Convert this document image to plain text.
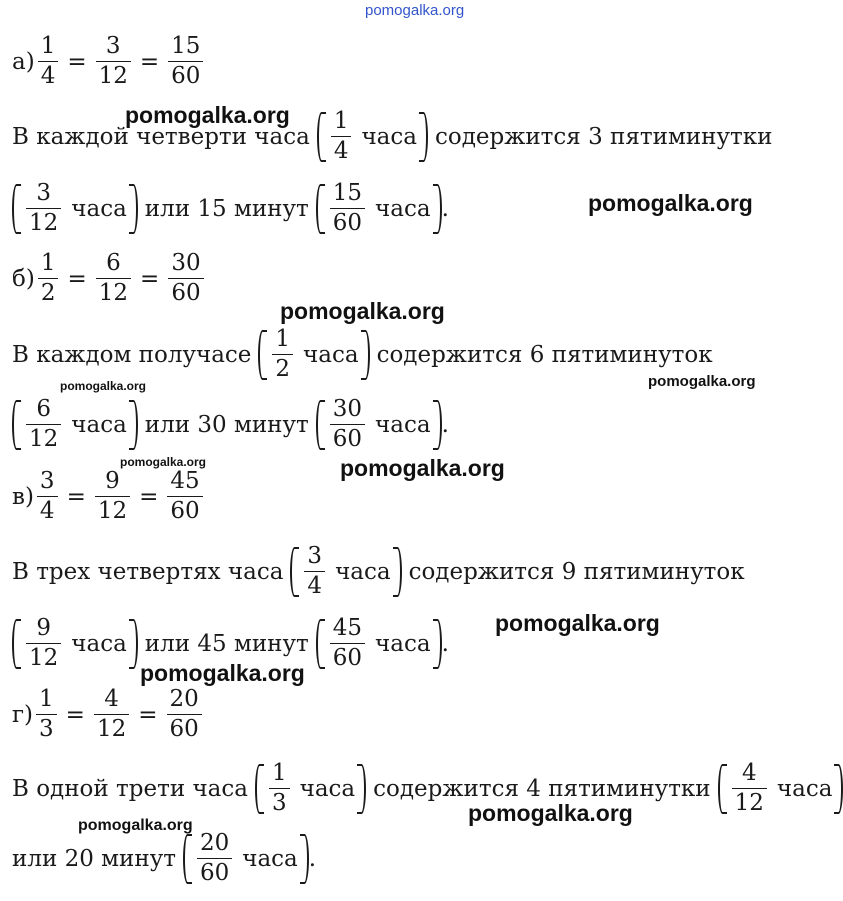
pomogalka.org
$а) \frac{1}{4} = \frac{3}{12} = \frac{15}{60}$
В каждой четверти часа $\frac{1}{4}$ часа содержится 3 пятиминутки
$\frac{3}{12}$ часа или 15 минут $\frac{15}{60}$ часа .
$б) \frac{1}{2} = \frac{6}{12} = \frac{30}{60}$
В каждом получасе $\frac{1}{2}$ часа содержится 6 пятиминуток
$\frac{6}{12}$ часа или 30 минут $\frac{30}{60}$ часа .
$в) \frac{3}{4} = \frac{9}{12} = \frac{45}{60}$
В трех четвертях часа $\frac{3}{4}$ часа содержится 9 пятиминуток
$\frac{9}{12}$ часа или 45 минут $\frac{45}{60}$ часа .
$г) \frac{1}{3} = \frac{4}{12} = \frac{20}{60}$
В одной трети часа $\frac{1}{3}$ часа содержится 4 пятиминутки $\frac{4}{12}$ часа
или 20 минут $\frac{20}{60}$ часа .
pomogalka.org
pomogalka.org
pomogalka.org
pomogalka.org	pomogalka.org
pomogalka.org	pomogalka.org
pomogalka.org
pomogalka.org
pomogalka.org
pomogalka.org
